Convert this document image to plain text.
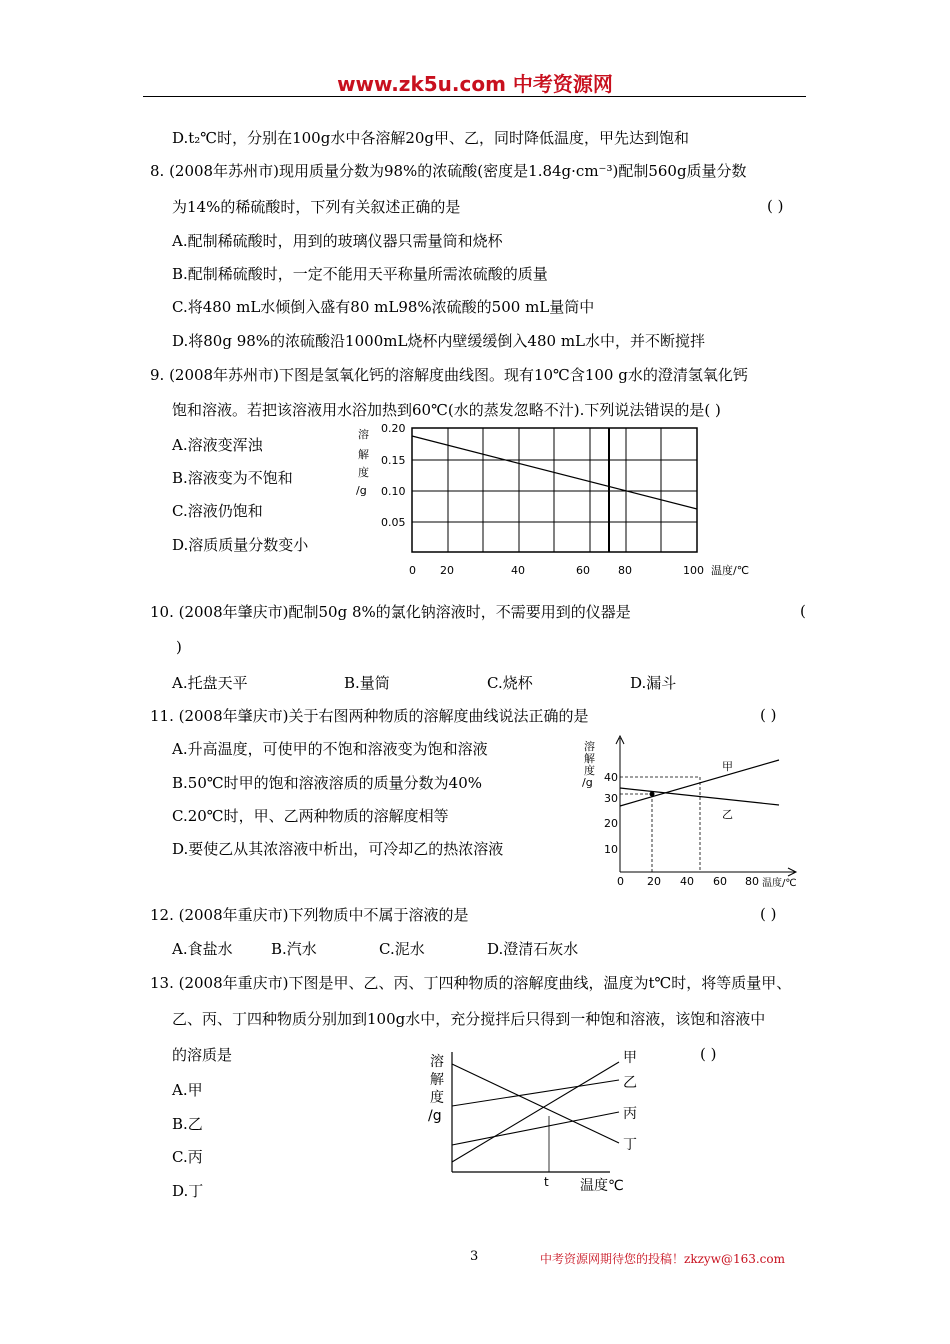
www.zk5u.com 中考资源网
D.t₂℃时，分别在100g水中各溶解20g甲、乙，同时降低温度，甲先达到饱和
8. (2008年苏州市)现用质量分数为98%的浓硫酸(密度是1.84g·cm⁻³)配制560g质量分数
为14%的稀硫酸时，下列有关叙述正确的是	( )
A.配制稀硫酸时，用到的玻璃仪器只需量筒和烧杯
B.配制稀硫酸时，一定不能用天平称量所需浓硫酸的质量
C.将480 mL水倾倒入盛有80 mL98%浓硫酸的500 mL量筒中
D.将80g 98%的浓硫酸沿1000mL烧杯内壁缓缓倒入480 mL水中，并不断搅拌
9. (2008年苏州市)下图是氢氧化钙的溶解度曲线图。现有10℃含100 g水的澄清氢氧化钙
饱和溶液。若把该溶液用水浴加热到60℃(水的蒸发忽略不汁).下列说法错误的是( )
A.溶液变浑浊
B.溶液变为不饱和
C.溶液仍饱和
D.溶质质量分数变小
溶
解
度
/g
0.20
0.15
0.10
0.05
0 20	40	60	80	100 温度/℃
10. (2008年肇庆市)配制50g 8%的氯化钠溶液时，不需要用到的仪器是	(
)
A.托盘天平	B.量筒	C.烧杯	D.漏斗
11. (2008年肇庆市)关于右图两种物质的溶解度曲线说法正确的是	( )
A.升高温度，可使甲的不饱和溶液变为饱和溶液
B.50℃时甲的饱和溶液溶质的质量分数为40%
C.20℃时，甲、乙两种物质的溶解度相等
D.要使乙从其浓溶液中析出，可冷却乙的热浓溶液
溶
解
度
/g 40
30
20
10
0 20 40 60 80 温度/℃
甲
乙
12. (2008年重庆市)下列物质中不属于溶液的是	( )
A.食盐水	B.汽水	C.泥水	D.澄清石灰水
13. (2008年重庆市)下图是甲、乙、丙、丁四种物质的溶解度曲线，温度为t℃时，将等质量甲、
乙、丙、丁四种物质分别加到100g水中，充分搅拌后只得到一种饱和溶液，该饱和溶液中
的溶质是	( )
A.甲
B.乙
C.丙
D.丁
溶
解
度
/g
t 温度℃
甲
乙
丙
丁
3	中考资源网期待您的投稿！zkzyw@163.com
